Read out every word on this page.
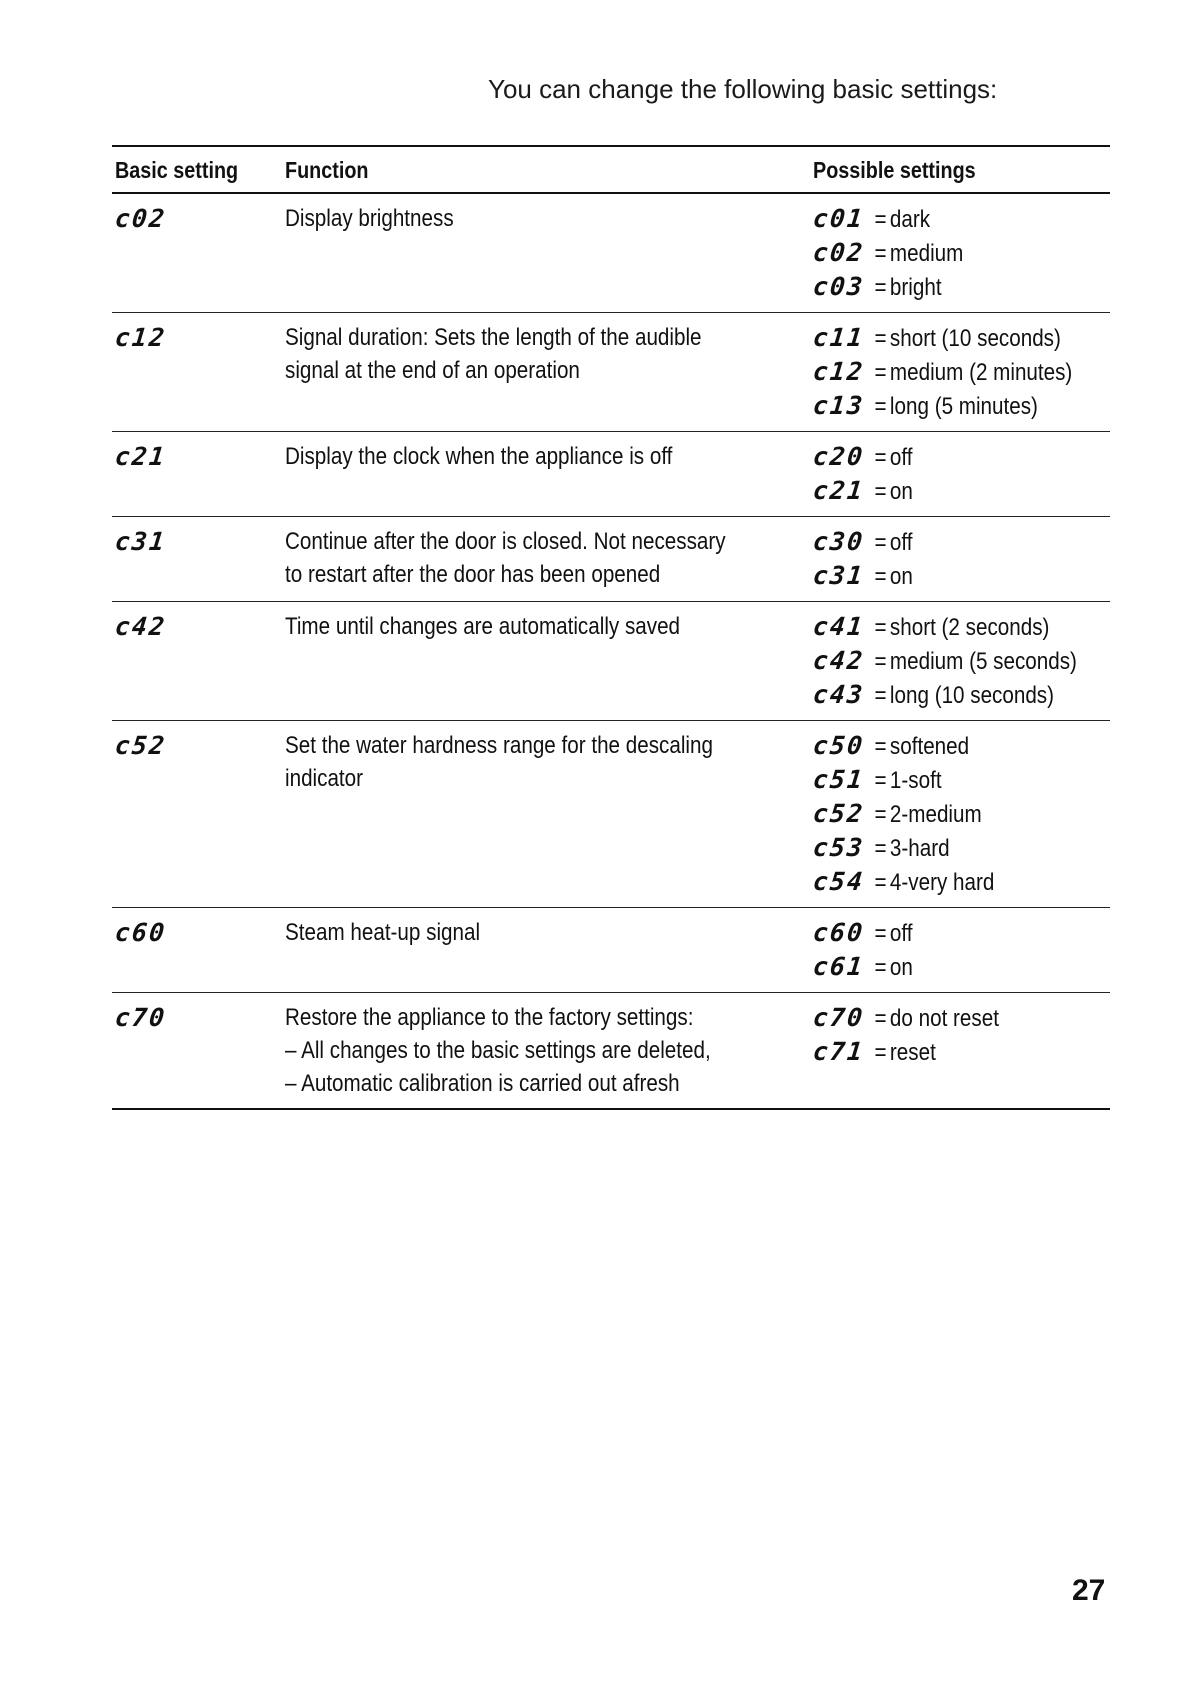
You can change the following basic settings:
Basic setting	Function	Possible settings
c02	Display brightness	c01 = dark
c02 = medium
c03 = bright

c12	Signal duration: Sets the length of the audible
signal at the end of an operation	c11 = short (10 seconds)
c12 = medium (2 minutes)
c13 = long (5 minutes)

c21	Display the clock when the appliance is off	c20 = off
c21 = on

c31	Continue after the door is closed. Not necessary
to restart after the door has been opened	c30 = off
c31 = on

c42	Time until changes are automatically saved	c41 = short (2 seconds)
c42 = medium (5 seconds)
c43 = long (10 seconds)

c52	Set the water hardness range for the descaling
indicator	c50 = softened
c51 = 1-soft
c52 = 2-medium
c53 = 3-hard
c54 = 4-very hard

c60	Steam heat-up signal	c60 = off
c61 = on

c70	Restore the appliance to the factory settings:
– All changes to the basic settings are deleted,
– Automatic calibration is carried out afresh	c70 = do not reset
c71 = reset
27
